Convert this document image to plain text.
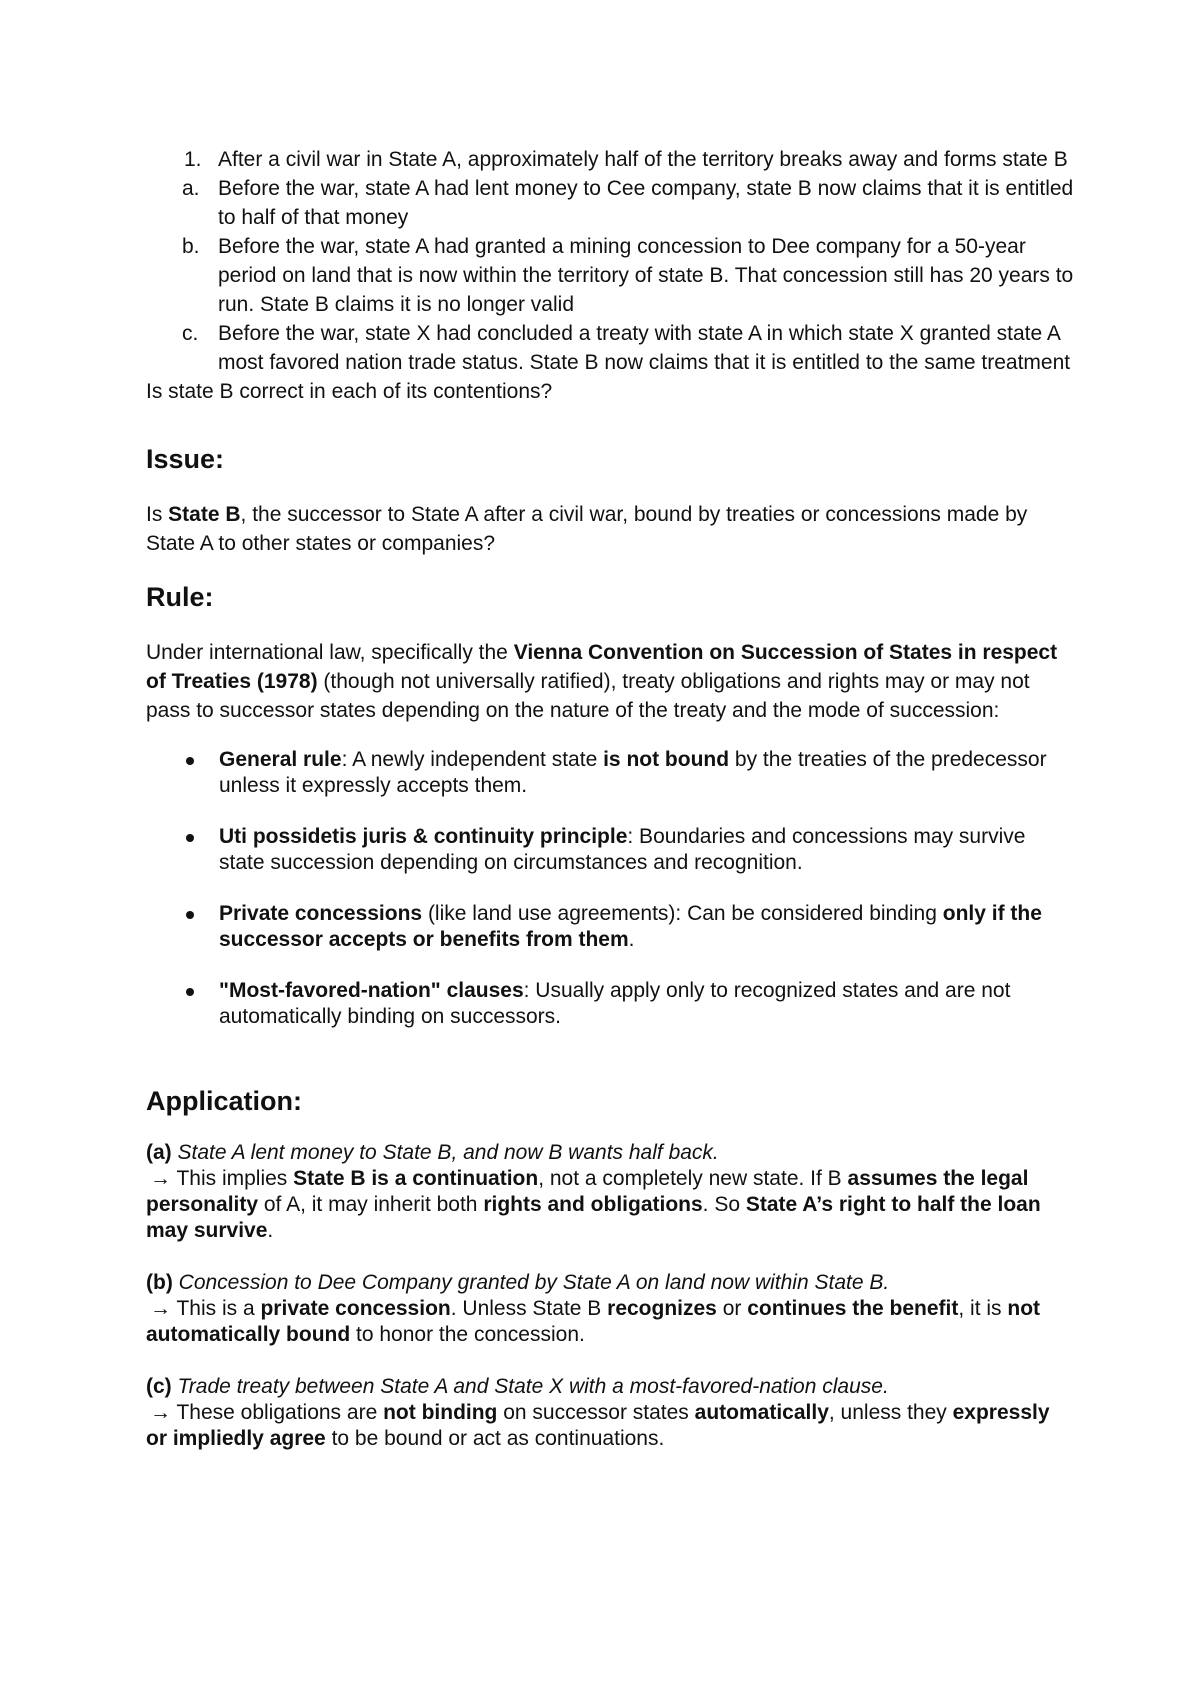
1. After a civil war in State A, approximately half of the territory breaks away and forms state B
a. Before the war, state A had lent money to Cee company, state B now claims that it is entitled to half of that money
b. Before the war, state A had granted a mining concession to Dee company for a 50-year period on land that is now within the territory of state B. That concession still has 20 years to run. State B claims it is no longer valid
c. Before the war, state X had concluded a treaty with state A in which state X granted state A most favored nation trade status. State B now claims that it is entitled to the same treatment
Is state B correct in each of its contentions?
Issue:
Is State B, the successor to State A after a civil war, bound by treaties or concessions made by State A to other states or companies?
Rule:
Under international law, specifically the Vienna Convention on Succession of States in respect of Treaties (1978) (though not universally ratified), treaty obligations and rights may or may not pass to successor states depending on the nature of the treaty and the mode of succession:
General rule: A newly independent state is not bound by the treaties of the predecessor unless it expressly accepts them.
Uti possidetis juris & continuity principle: Boundaries and concessions may survive state succession depending on circumstances and recognition.
Private concessions (like land use agreements): Can be considered binding only if the successor accepts or benefits from them.
"Most-favored-nation" clauses: Usually apply only to recognized states and are not automatically binding on successors.
Application:
(a) State A lent money to State B, and now B wants half back.
→ This implies State B is a continuation, not a completely new state. If B assumes the legal personality of A, it may inherit both rights and obligations. So State A’s right to half the loan may survive.
(b) Concession to Dee Company granted by State A on land now within State B.
→ This is a private concession. Unless State B recognizes or continues the benefit, it is not automatically bound to honor the concession.
(c) Trade treaty between State A and State X with a most-favored-nation clause.
→ These obligations are not binding on successor states automatically, unless they expressly or impliedly agree to be bound or act as continuations.
